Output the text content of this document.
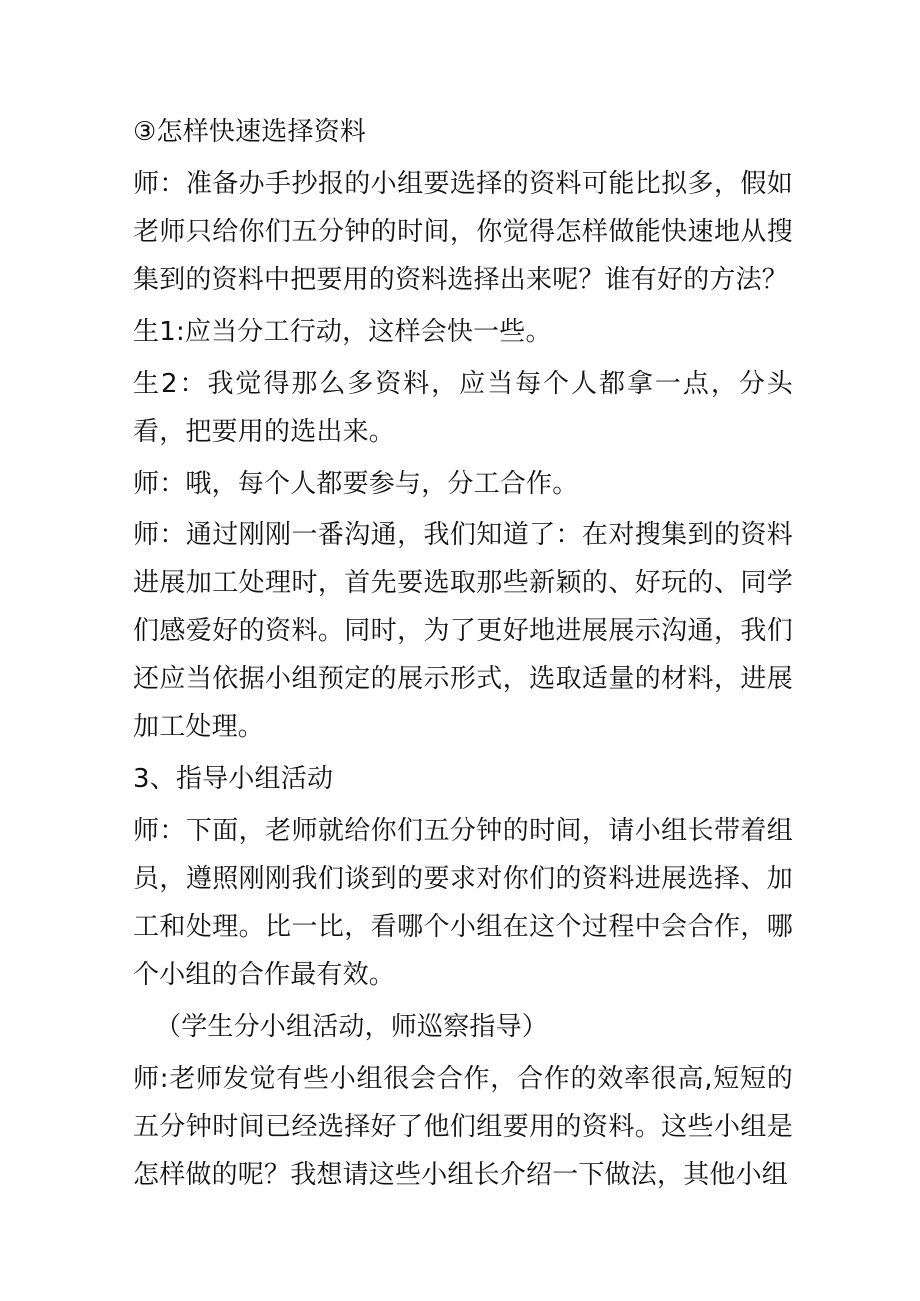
③怎样快速选择资料

师：准备办手抄报的小组要选择的资料可能比拟多，假如老师只给你们五分钟的时间，你觉得怎样做能快速地从搜集到的资料中把要用的资料选择出来呢？谁有好的方法？

生1:应当分工行动，这样会快一些。

生2：我觉得那么多资料，应当每个人都拿一点，分头看，把要用的选出来。

师：哦，每个人都要参与，分工合作。

师：通过刚刚一番沟通，我们知道了：在对搜集到的资料进展加工处理时，首先要选取那些新颖的、好玩的、同学们感爱好的资料。同时，为了更好地进展展示沟通，我们还应当依据小组预定的展示形式，选取适量的材料，进展加工处理。

3、指导小组活动

师：下面，老师就给你们五分钟的时间，请小组长带着组员，遵照刚刚我们谈到的要求对你们的资料进展选择、加工和处理。比一比，看哪个小组在这个过程中会合作，哪个小组的合作最有效。

（学生分小组活动，师巡察指导）

师:老师发觉有些小组很会合作，合作的效率很高,短短的五分钟时间已经选择好了他们组要用的资料。这些小组是怎样做的呢？我想请这些小组长介绍一下做法，其他小组
